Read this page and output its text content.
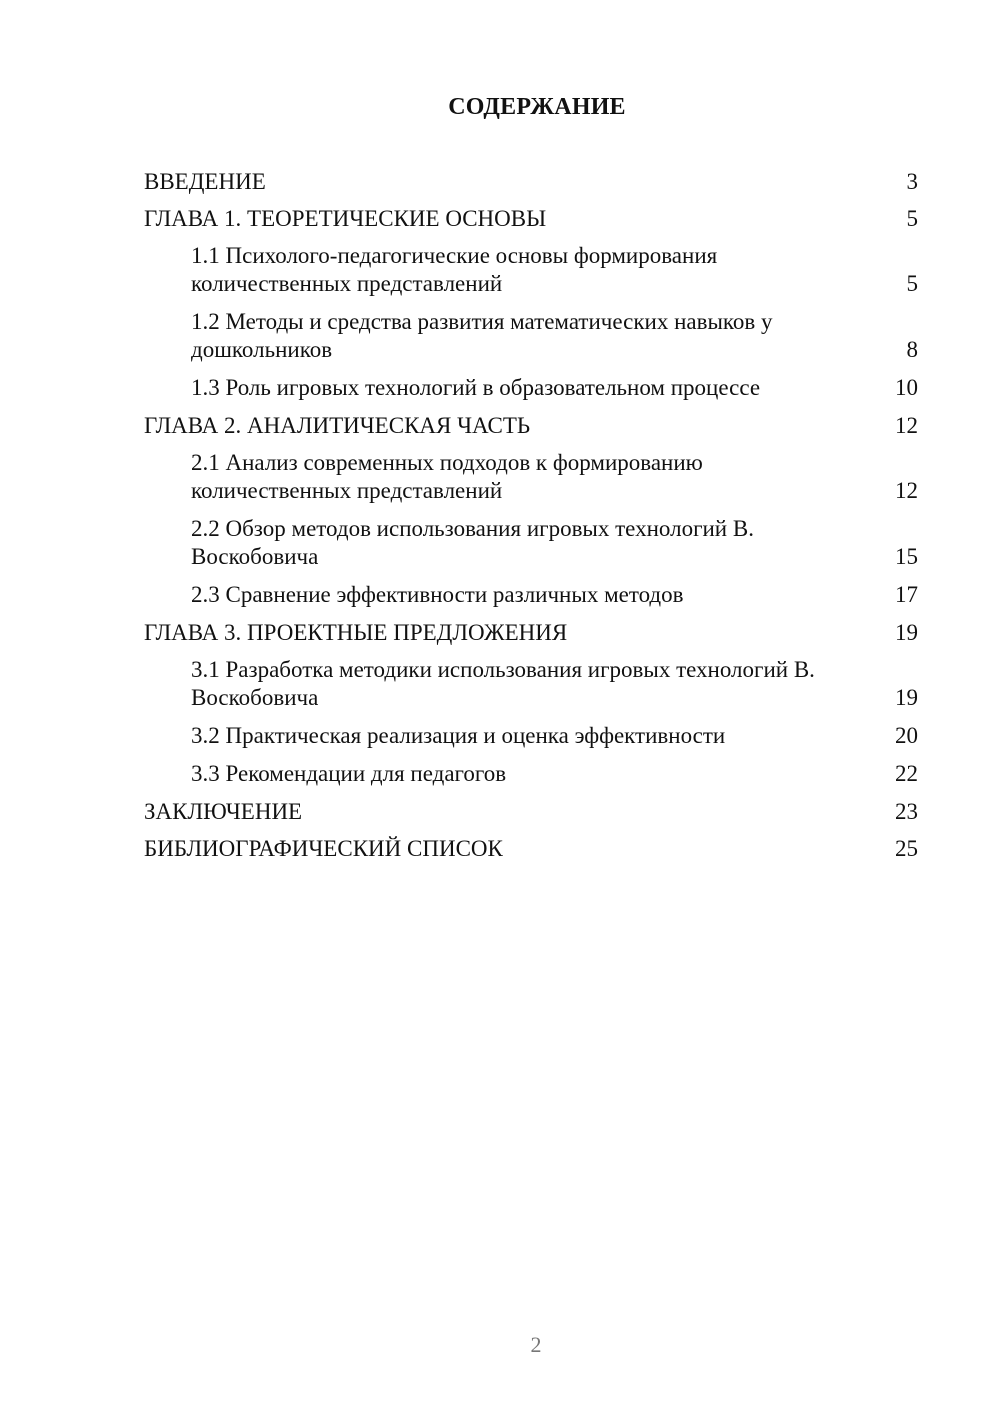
СОДЕРЖАНИЕ
ВВЕДЕНИЕ	3
ГЛАВА 1. ТЕОРЕТИЧЕСКИЕ ОСНОВЫ	5
1.1 Психолого-педагогические основы формирования количественных представлений	5
1.2 Методы и средства развития математических навыков у дошкольников	8
1.3 Роль игровых технологий в образовательном процессе	10
ГЛАВА 2. АНАЛИТИЧЕСКАЯ ЧАСТЬ	12
2.1 Анализ современных подходов к формированию количественных представлений	12
2.2 Обзор методов использования игровых технологий В. Воскобовича	15
2.3 Сравнение эффективности различных методов	17
ГЛАВА 3. ПРОЕКТНЫЕ ПРЕДЛОЖЕНИЯ	19
3.1 Разработка методики использования игровых технологий В. Воскобовича	19
3.2 Практическая реализация и оценка эффективности	20
3.3 Рекомендации для педагогов	22
ЗАКЛЮЧЕНИЕ	23
БИБЛИОГРАФИЧЕСКИЙ СПИСОК	25
2
